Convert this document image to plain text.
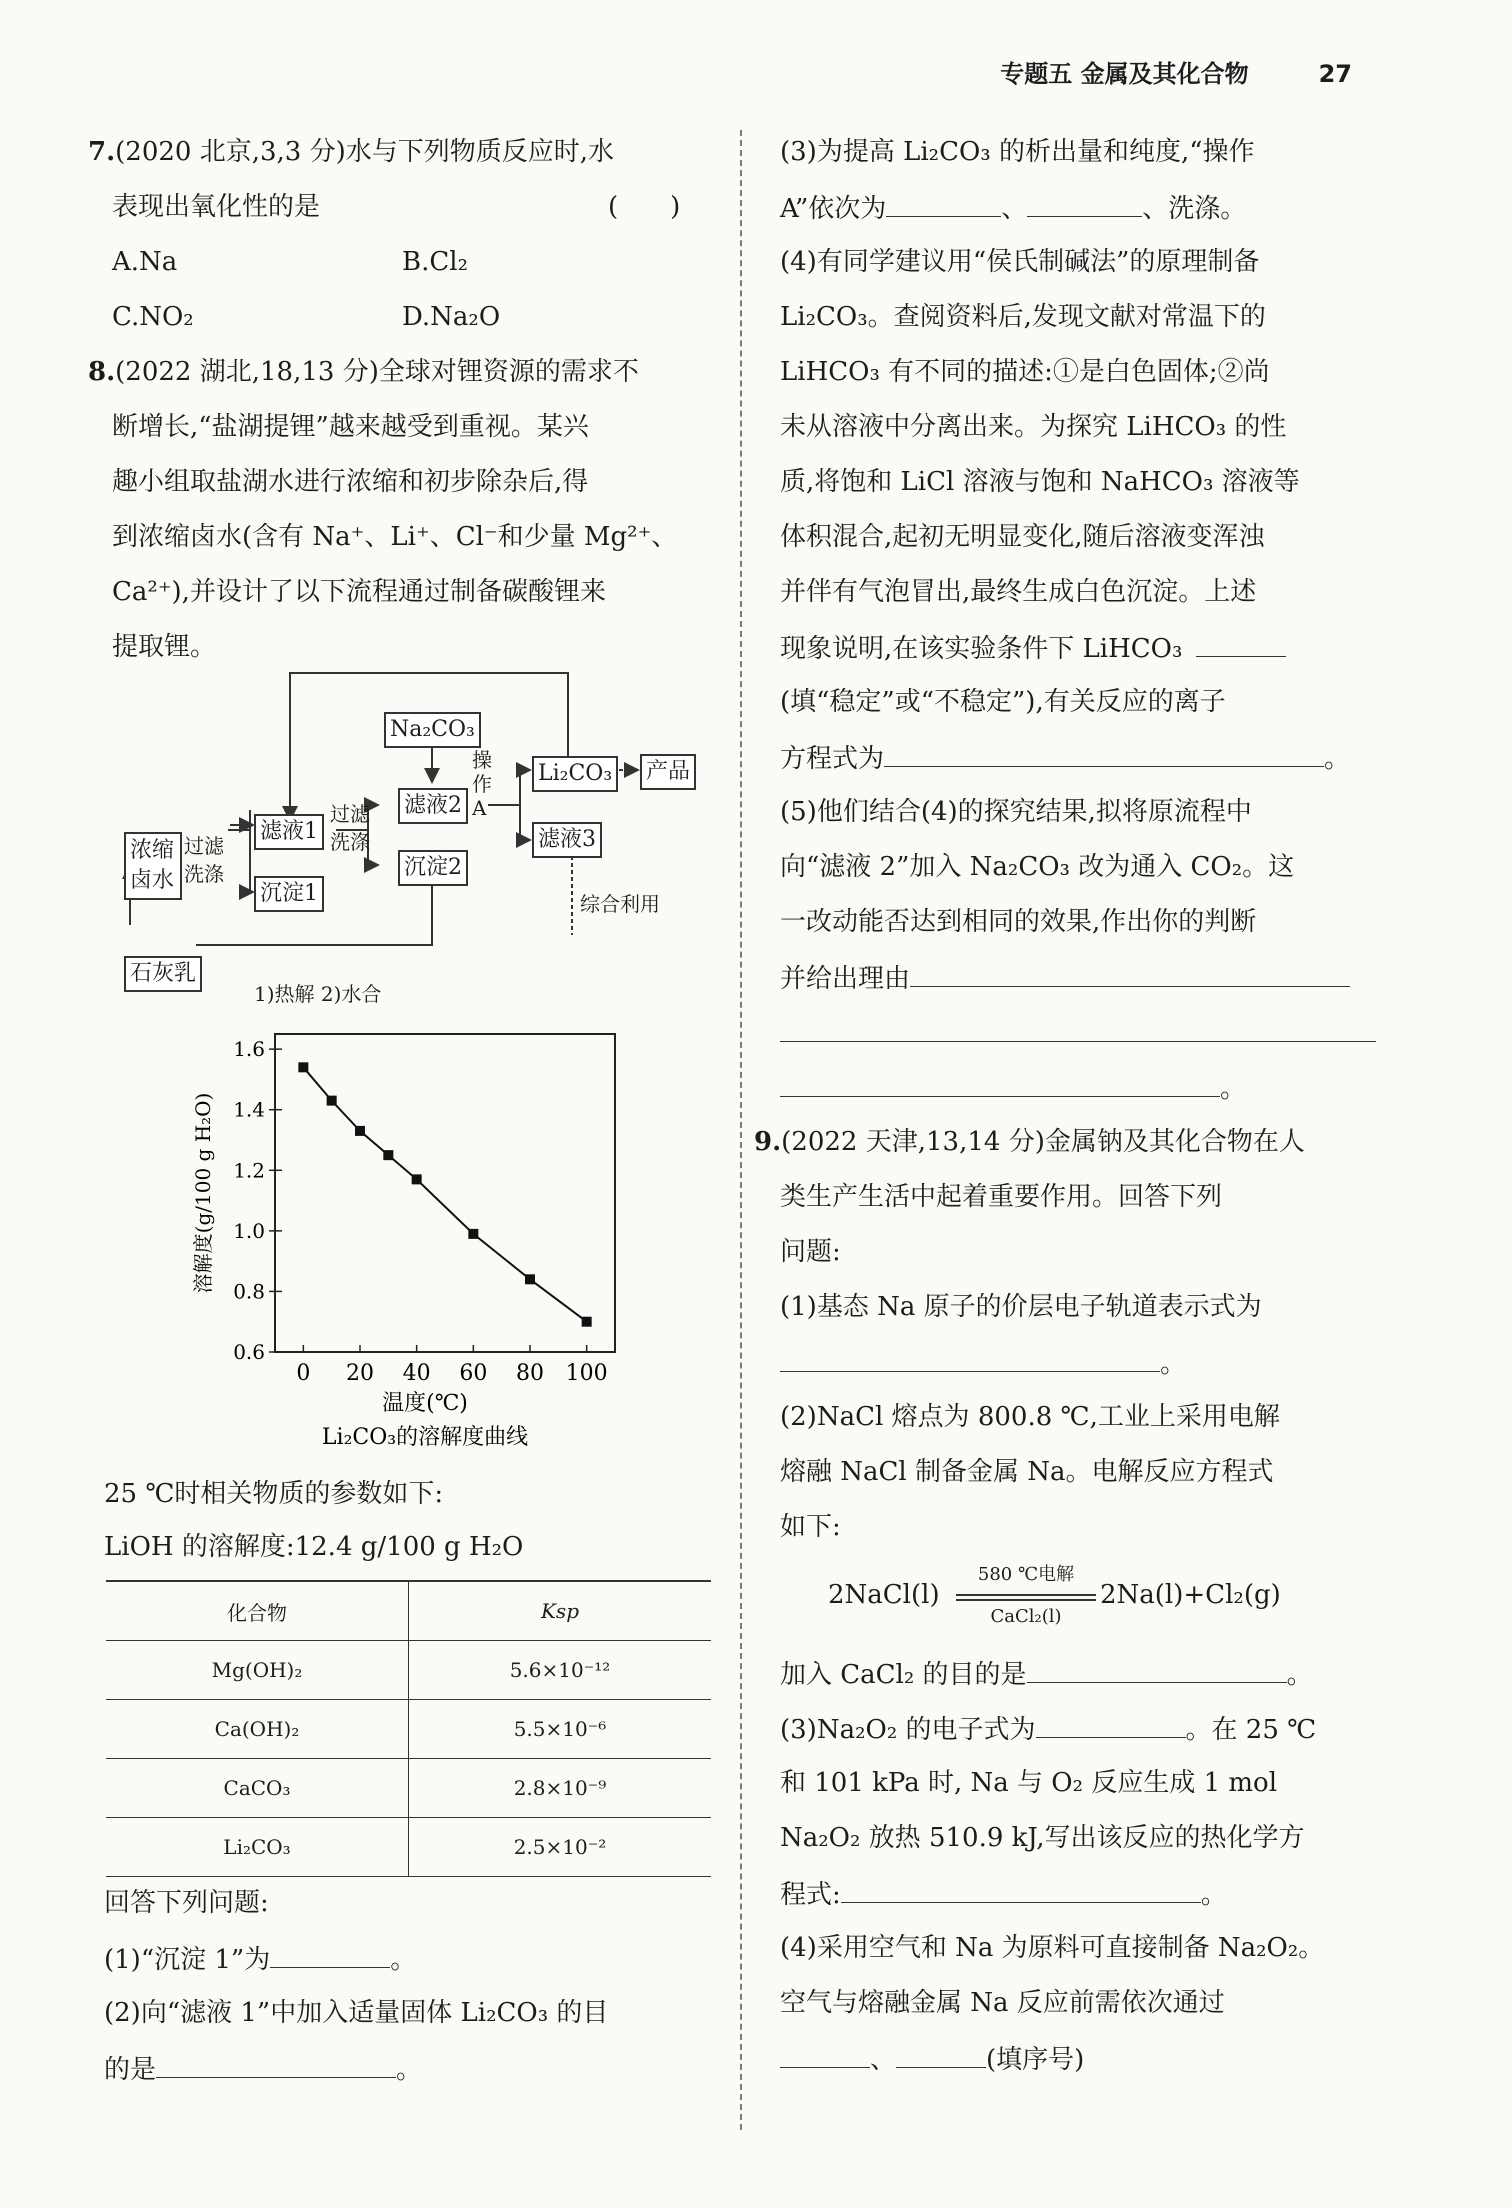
专题五 金属及其化合物	27
7.(2020 北京,3,3 分)水与下列物质反应时,水
表现出氧化性的是	(　　)
A.Na	B.Cl₂
C.NO₂	D.Na₂O
8.(2022 湖北,18,13 分)全球对锂资源的需求不
断增长,“盐湖提锂”越来越受到重视。某兴
趣小组取盐湖水进行浓缩和初步除杂后,得
到浓缩卤水(含有 Na⁺、Li⁺、Cl⁻和少量 Mg²⁺、
Ca²⁺),并设计了以下流程通过制备碳酸锂来
提取锂。
浓缩卤水
过滤洗涤
滤液1
沉淀1
过滤洗涤
Na₂CO₃
滤液2
沉淀2
操作A
Li₂CO₃ 产品
滤液3
综合利用
石灰乳
1)热解 2)水合
0 20 40 60 80 100
0.6
0.8
1.0
1.2
1.4
1.6
温度(℃)
溶解度(g/100 g H₂O)
Li₂CO₃的溶解度曲线
25 ℃时相关物质的参数如下:
LiOH 的溶解度:12.4 g/100 g H₂O
化合物	Ksp
Mg(OH)₂	5.6×10⁻¹²
Ca(OH)₂	5.5×10⁻⁶
CaCO₃	2.8×10⁻⁹
Li₂CO₃	2.5×10⁻²
回答下列问题:
(1)“沉淀 1”为	。
(2)向“滤液 1”中加入适量固体 Li₂CO₃ 的目
的是	。
(3)为提高 Li₂CO₃ 的析出量和纯度,“操作
A”依次为	、	、洗涤。
(4)有同学建议用“侯氏制碱法”的原理制备
Li₂CO₃。查阅资料后,发现文献对常温下的
LiHCO₃ 有不同的描述:①是白色固体;②尚
未从溶液中分离出来。为探究 LiHCO₃ 的性
质,将饱和 LiCl 溶液与饱和 NaHCO₃ 溶液等
体积混合,起初无明显变化,随后溶液变浑浊
并伴有气泡冒出,最终生成白色沉淀。上述
现象说明,在该实验条件下 LiHCO₃
(填“稳定”或“不稳定”),有关反应的离子
方程式为	。
(5)他们结合(4)的探究结果,拟将原流程中
向“滤液 2”加入 Na₂CO₃ 改为通入 CO₂。这
一改动能否达到相同的效果,作出你的判断
并给出理由
。
9.(2022 天津,13,14 分)金属钠及其化合物在人
类生产生活中起着重要作用。回答下列
问题:
(1)基态 Na 原子的价层电子轨道表示式为
。
(2)NaCl 熔点为 800.8 ℃,工业上采用电解
熔融 NaCl 制备金属 Na。电解反应方程式
如下:
2NaCl(l)
580 ℃电解
CaCl₂(l)
2Na(l)+Cl₂(g)
加入 CaCl₂ 的目的是	。
(3)Na₂O₂ 的电子式为	。在 25 ℃
和 101 kPa 时, Na 与 O₂ 反应生成 1 mol
Na₂O₂ 放热 510.9 kJ,写出该反应的热化学方
程式:	。
(4)采用空气和 Na 为原料可直接制备 Na₂O₂。
空气与熔融金属 Na 反应前需依次通过
、	(填序号)
